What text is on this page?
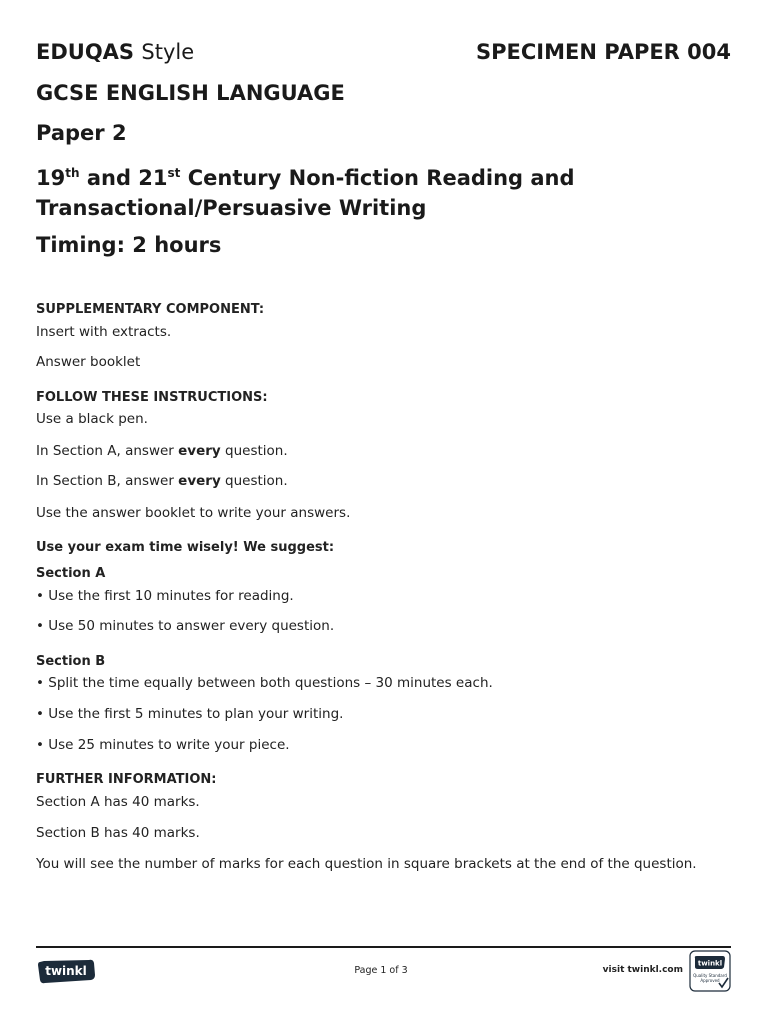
EDUQAS Style	SPECIMEN PAPER 004
GCSE ENGLISH LANGUAGE
Paper 2
19th and 21st Century Non-fiction Reading and
Transactional/Persuasive Writing
Timing: 2 hours
SUPPLEMENTARY COMPONENT:
Insert with extracts.
Answer booklet
FOLLOW THESE INSTRUCTIONS:
Use a black pen.
In Section A, answer every question.
In Section B, answer every question.
Use the answer booklet to write your answers.
Use your exam time wisely! We suggest:
Section A
• Use the first 10 minutes for reading.
• Use 50 minutes to answer every question.
Section B
• Split the time equally between both questions – 30 minutes each.
• Use the first 5 minutes to plan your writing.
• Use 25 minutes to write your piece.
FURTHER INFORMATION:
Section A has 40 marks.
Section B has 40 marks.
You will see the number of marks for each question in square brackets at the end of the question.
twinkl	Page 1 of 3	visit twinkl.com
twinkl
Quality Standard
Approved
